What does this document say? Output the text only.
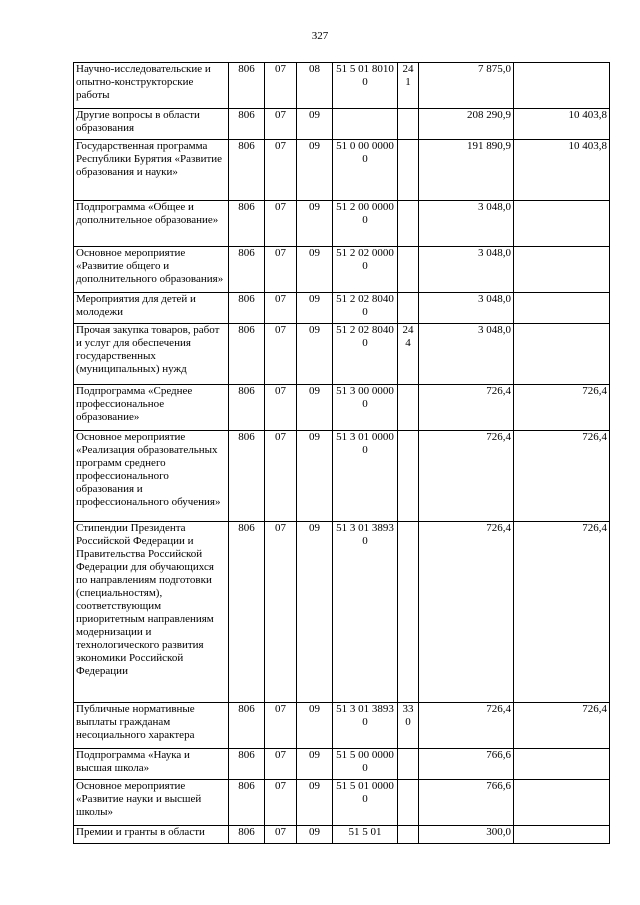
327
Научно-исследовательские и опытно-конструкторские работы	806	07	08	51 5 01 80100	241	7 875,0	
Другие вопросы в области образования	806	07	09			208 290,9	10 403,8
Государственная программа Республики Бурятия «Развитие образования и науки»	806	07	09	51 0 00 00000		191 890,9	10 403,8
Подпрограмма «Общее и дополнительное образование»	806	07	09	51 2 00 00000		3 048,0	
Основное мероприятие «Развитие общего и дополнительного образования»	806	07	09	51 2 02 00000		3 048,0	
Мероприятия для детей и молодежи	806	07	09	51 2 02 80400		3 048,0	
Прочая закупка товаров, работ и услуг для обеспечения государственных (муниципальных) нужд	806	07	09	51 2 02 80400	244	3 048,0	
Подпрограмма «Среднее профессиональное образование»	806	07	09	51 3 00 00000		726,4	726,4
Основное мероприятие «Реализация образовательных программ среднего профессионального образования и профессионального обучения»	806	07	09	51 3 01 00000		726,4	726,4
Стипендии Президента Российской Федерации и Правительства Российской Федерации для обучающихся по направлениям подготовки (специальностям), соответствующим приоритетным направлениям модернизации и технологического развития экономики Российской Федерации	806	07	09	51 3 01 38930		726,4	726,4
Публичные нормативные выплаты гражданам несоциального характера	806	07	09	51 3 01 38930	330	726,4	726,4
Подпрограмма «Наука и высшая школа»	806	07	09	51 5 00 00000		766,6	
Основное мероприятие «Развитие науки и высшей школы»	806	07	09	51 5 01 00000		766,6	
Премии и гранты в области	806	07	09	51 5 01		300,0	
